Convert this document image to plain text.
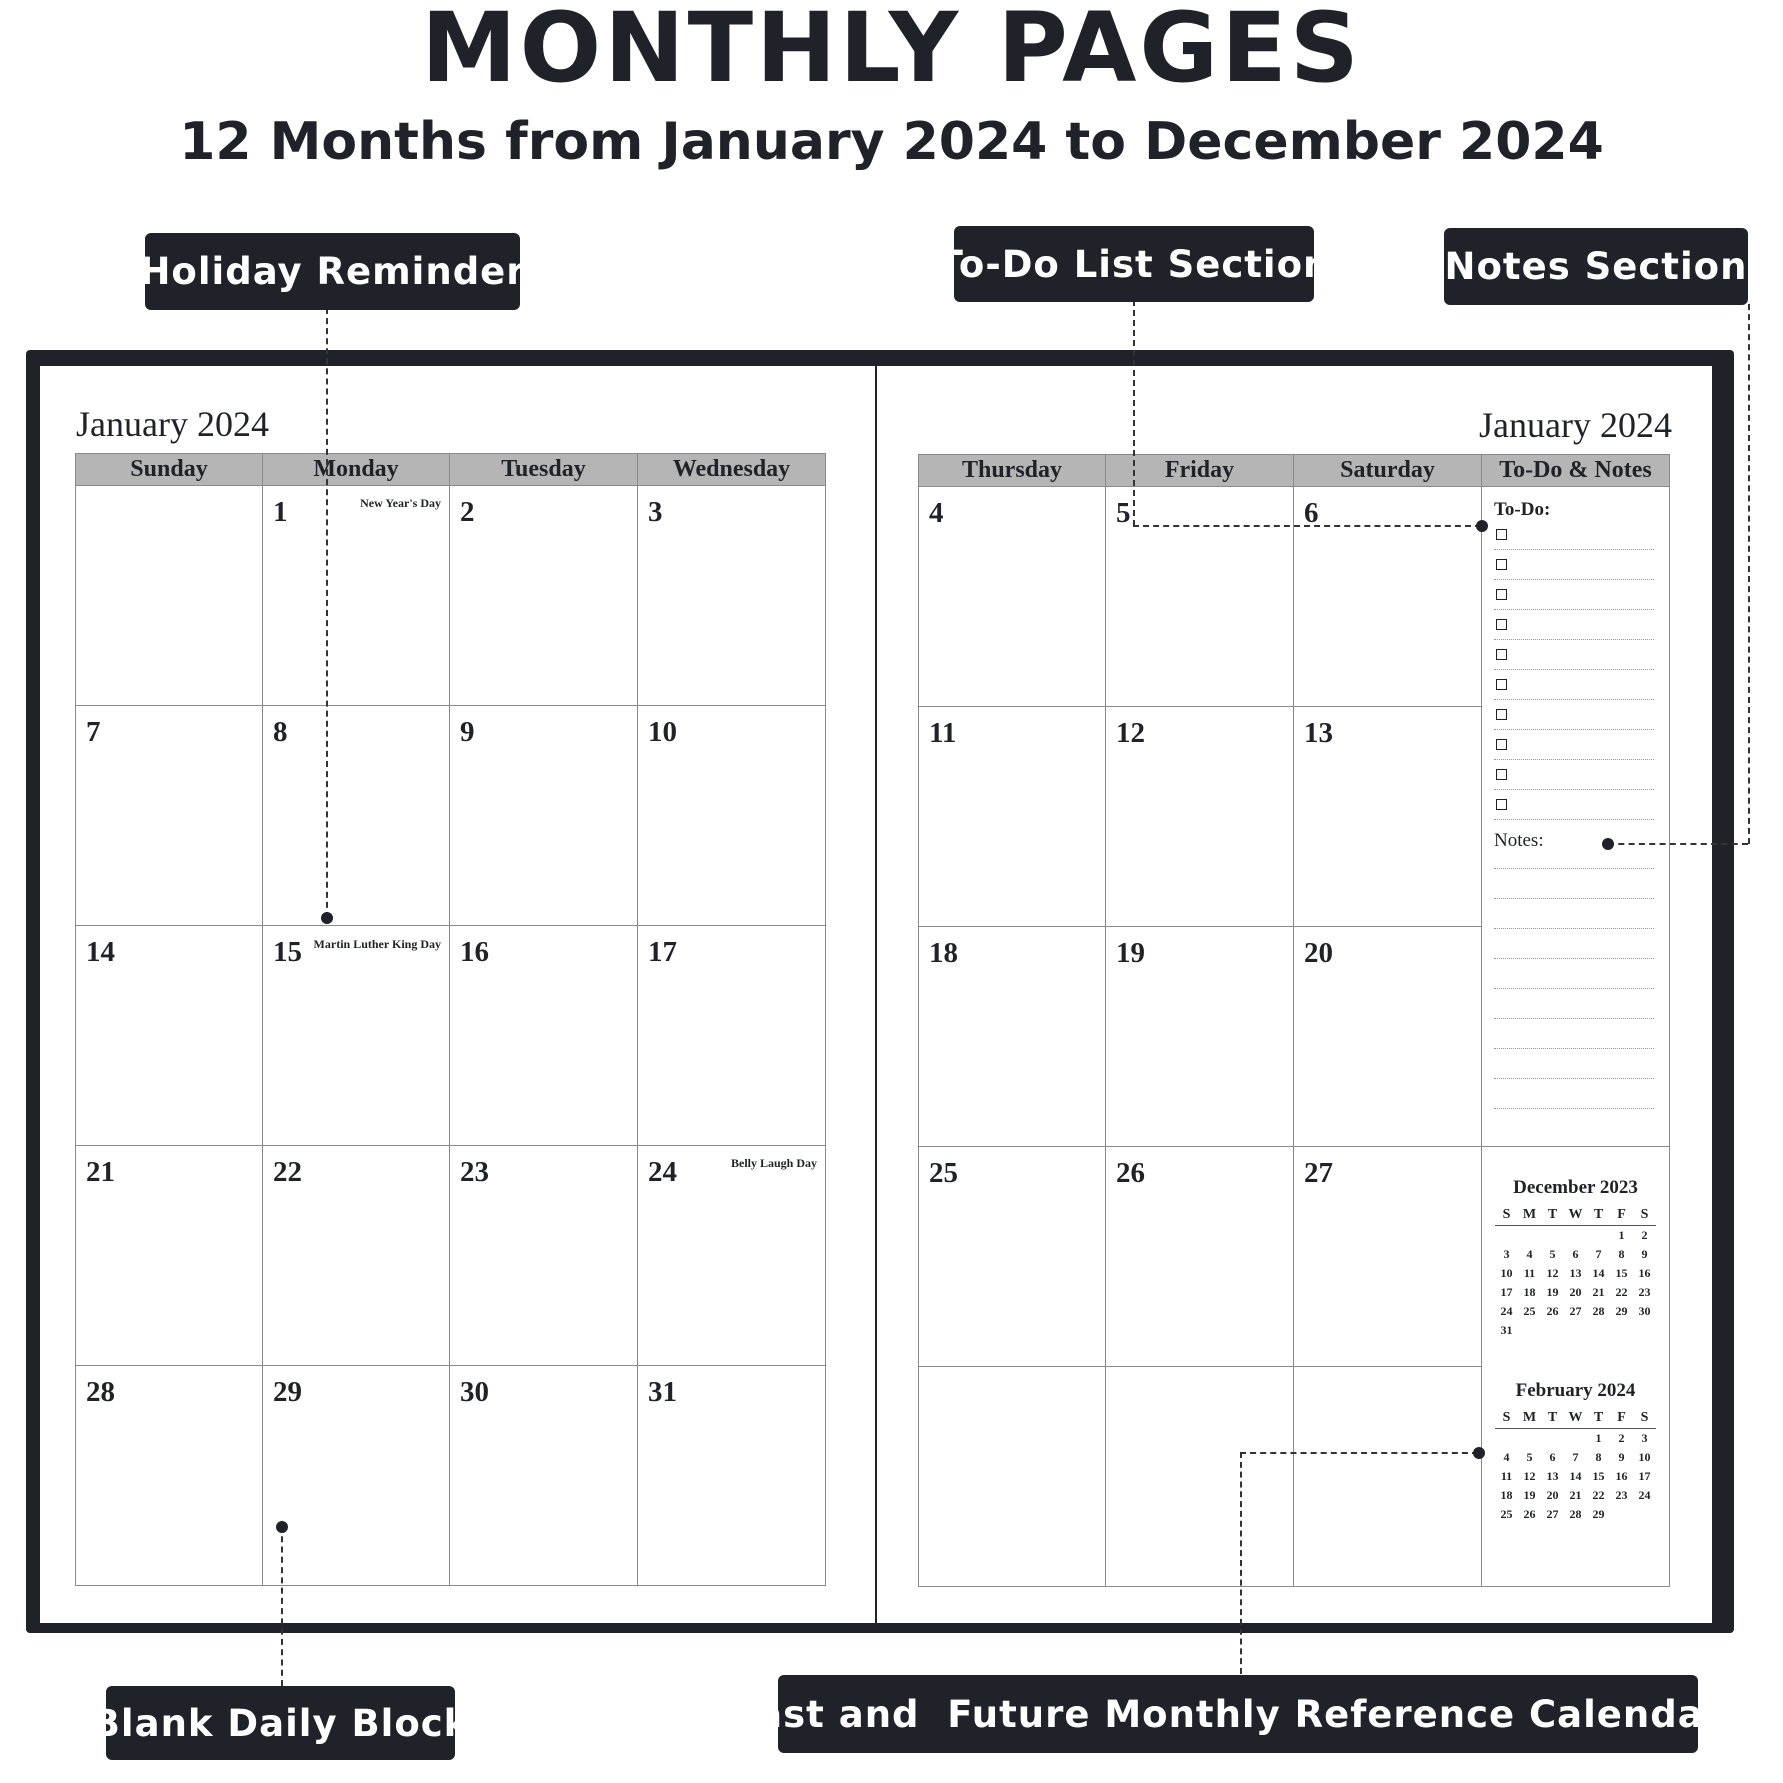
MONTHLY PAGES
12 Months from January 2024 to December 2024
January 2024
Sunday	Monday	Tuesday	Wednesday

	1 New Year's Day	2	3

7	8	9	10

14	15 Martin Luther King Day	16	17

21	22	23	24 Belly Laugh Day

28	29	30	31
January 2024
Thursday	Friday	Saturday

4	5	6

11	12	13

18	19	20

25	26	27

To-Do & Notes
To-Do:
Notes:
December 2023
S	M	T	W	T	F	S
					1	2
3	4	5	6	7	8	9
10	11	12	13	14	15	16
17	18	19	20	21	22	23
24	25	26	27	28	29	30
31						
February 2024
S	M	T	W	T	F	S
				1	2	3
4	5	6	7	8	9	10
11	12	13	14	15	16	17
18	19	20	21	22	23	24
25	26	27	28	29		
Holiday Reminder	To-Do List Section	Notes Section
Blank Daily Block	Past and  Future Monthly Reference Calendars
